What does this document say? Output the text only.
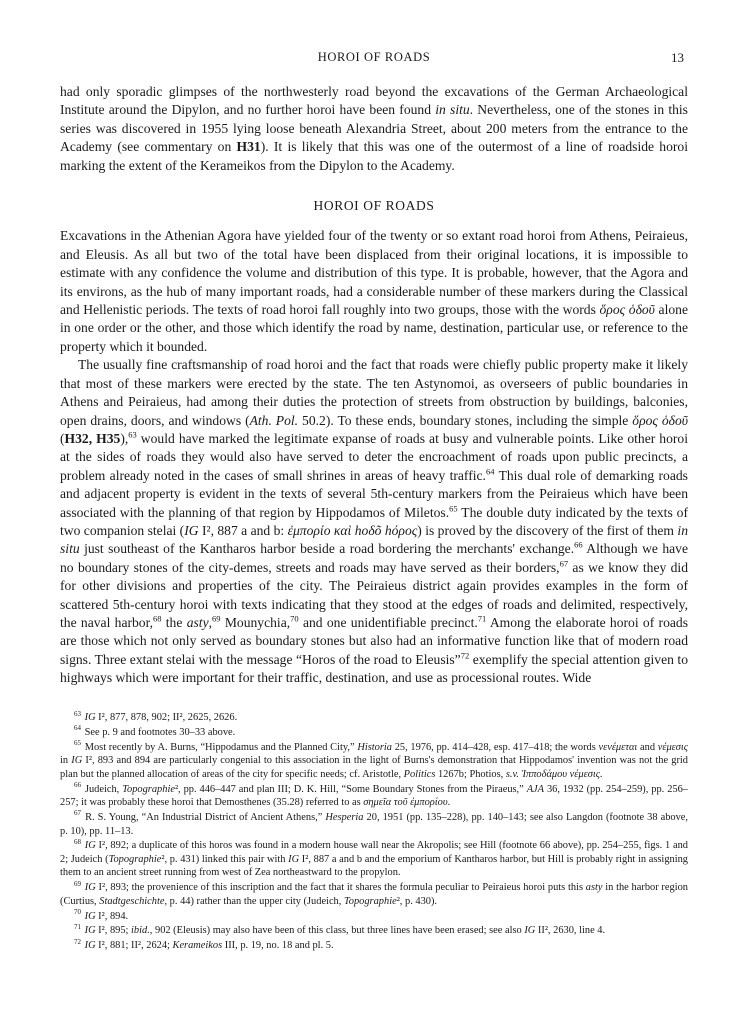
HOROI OF ROADS	13

had only sporadic glimpses of the northwesterly road beyond the excavations of the German Archaeological Institute around the Dipylon, and no further horoi have been found in situ. Nevertheless, one of the stones in this series was discovered in 1955 lying loose beneath Alexandria Street, about 200 meters from the entrance to the Academy (see commentary on H31). It is likely that this was one of the outermost of a line of roadside horoi marking the extent of the Kerameikos from the Dipylon to the Academy.

HOROI OF ROADS

Excavations in the Athenian Agora have yielded four of the twenty or so extant road horoi from Athens, Peiraieus, and Eleusis. As all but two of the total have been displaced from their original locations, it is impossible to estimate with any confidence the volume and distribution of this type. It is probable, however, that the Agora and its environs, as the hub of many important roads, had a considerable number of these markers during the Classical and Hellenistic periods. The texts of road horoi fall roughly into two groups, those with the words ὅρος ὁδοῦ alone in one order or the other, and those which identify the road by name, destination, particular use, or reference to the property which it bounded.

The usually fine craftsmanship of road horoi and the fact that roads were chiefly public property make it likely that most of these markers were erected by the state. The ten Astynomoi, as overseers of public boundaries in Athens and Peiraieus, had among their duties the protection of streets from obstruction by buildings, balconies, open drains, doors, and windows (Ath. Pol. 50.2). To these ends, boundary stones, including the simple ὅρος ὁδοῦ (H32, H35),$^{63}$ would have marked the legitimate expanse of roads at busy and vulnerable points. Like other horoi at the sides of roads they would also have served to deter the encroachment of roads upon public precincts, a problem already noted in the cases of small shrines in areas of heavy traffic.$^{64}$ This dual role of demarking roads and adjacent property is evident in the texts of several 5th-century markers from the Peiraieus which have been associated with the planning of that region by Hippodamos of Miletos.$^{65}$ The double duty indicated by the texts of two companion stelai (IG I², 887 a and b: ἐμπορίο καὶ hoδõ hόρος) is proved by the discovery of the first of them in situ just southeast of the Kantharos harbor beside a road bordering the merchants' exchange.$^{66}$ Although we have no boundary stones of the city-demes, streets and roads may have served as their borders,$^{67}$ as we know they did for other divisions and properties of the city. The Peiraieus district again provides examples in the form of scattered 5th-century horoi with texts indicating that they stood at the edges of roads and delimited, respectively, the naval harbor,$^{68}$ the asty,$^{69}$ Mounychia,$^{70}$ and one unidentifiable precinct.$^{71}$ Among the elaborate horoi of roads are those which not only served as boundary stones but also had an informative function like that of modern road signs. Three extant stelai with the message “Horos of the road to Eleusis”$^{72}$ exemplify the special attention given to highways which were important for their traffic, destination, and use as processional routes. Wide

$^{63}$ IG I², 877, 878, 902; II², 2625, 2626.

$^{64}$ See p. 9 and footnotes 30–33 above.

$^{65}$ Most recently by A. Burns, “Hippodamus and the Planned City,” Historia 25, 1976, pp. 414–428, esp. 417–418; the words νενέμεται and νέμεσις in IG I², 893 and 894 are particularly congenial to this association in the light of Burns's demonstration that Hippodamos' invention was not the grid plan but the planned allocation of areas of the city for specific needs; cf. Aristotle, Politics 1267b; Photios, s.v. Ἱπποδάμου νέμεσις.

$^{66}$ Judeich, Topographie², pp. 446–447 and plan III; D. K. Hill, “Some Boundary Stones from the Piraeus,” AJA 36, 1932 (pp. 254–259), pp. 256–257; it was probably these horoi that Demosthenes (35.28) referred to as σημεῖα τοῦ ἐμπορίου.

$^{67}$ R. S. Young, “An Industrial District of Ancient Athens,” Hesperia 20, 1951 (pp. 135–228), pp. 140–143; see also Langdon (footnote 38 above, p. 10), pp. 11–13.

$^{68}$ IG I², 892; a duplicate of this horos was found in a modern house wall near the Akropolis; see Hill (footnote 66 above), pp. 254–255, figs. 1 and 2; Judeich (Topographie², p. 431) linked this pair with IG I², 887 a and b and the emporium of Kantharos harbor, but Hill is probably right in assigning them to an ancient street running from west of Zea northeastward to the propylon.

$^{69}$ IG I², 893; the provenience of this inscription and the fact that it shares the formula peculiar to Peiraieus horoi puts this asty in the harbor region (Curtius, Stadtgeschichte, p. 44) rather than the upper city (Judeich, Topographie², p. 430).

$^{70}$ IG I², 894.

$^{71}$ IG I², 895; ibid., 902 (Eleusis) may also have been of this class, but three lines have been erased; see also IG II², 2630, line 4.

$^{72}$ IG I², 881; II², 2624; Kerameikos III, p. 19, no. 18 and pl. 5.
